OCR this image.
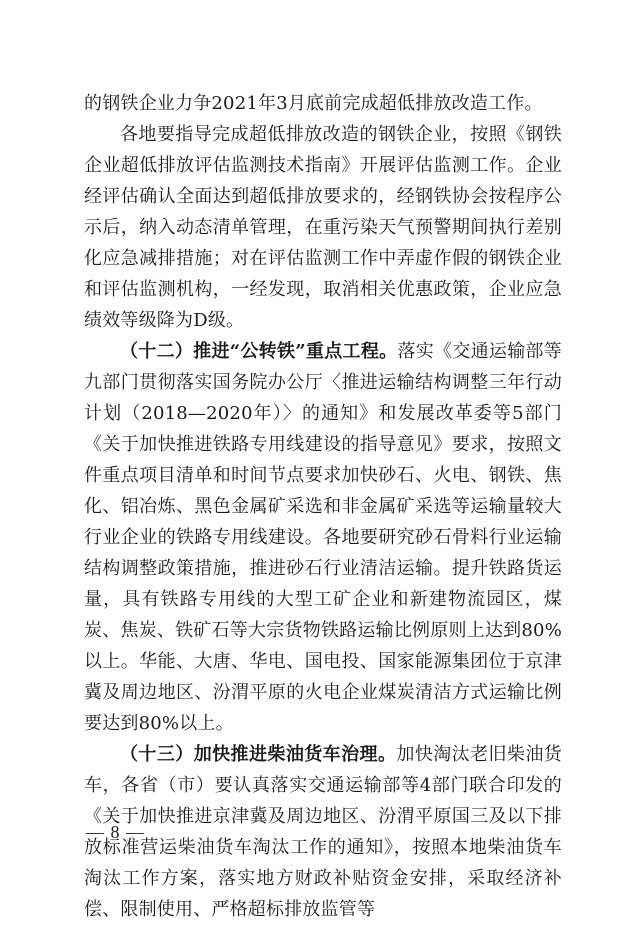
的钢铁企业力争2021年3月底前完成超低排放改造工作。

各地要指导完成超低排放改造的钢铁企业，按照《钢铁企业超低排放评估监测技术指南》开展评估监测工作。企业经评估确认全面达到超低排放要求的，经钢铁协会按程序公示后，纳入动态清单管理，在重污染天气预警期间执行差别化应急减排措施；对在评估监测工作中弄虚作假的钢铁企业和评估监测机构，一经发现，取消相关优惠政策，企业应急绩效等级降为D级。

（十二）推进“公转铁”重点工程。落实《交通运输部等九部门贯彻落实国务院办公厅〈推进运输结构调整三年行动计划（2018—2020年）〉的通知》和发展改革委等5部门《关于加快推进铁路专用线建设的指导意见》要求，按照文件重点项目清单和时间节点要求加快砂石、火电、钢铁、焦化、铝冶炼、黑色金属矿采选和非金属矿采选等运输量较大行业企业的铁路专用线建设。各地要研究砂石骨料行业运输结构调整政策措施，推进砂石行业清洁运输。提升铁路货运量，具有铁路专用线的大型工矿企业和新建物流园区，煤炭、焦炭、铁矿石等大宗货物铁路运输比例原则上达到80%以上。华能、大唐、华电、国电投、国家能源集团位于京津冀及周边地区、汾渭平原的火电企业煤炭清洁方式运输比例要达到80%以上。

（十三）加快推进柴油货车治理。加快淘汰老旧柴油货车，各省（市）要认真落实交通运输部等4部门联合印发的《关于加快推进京津冀及周边地区、汾渭平原国三及以下排放标准营运柴油货车淘汰工作的通知》，按照本地柴油货车淘汰工作方案，落实地方财政补贴资金安排，采取经济补偿、限制使用、严格超标排放监管等

— 8 —
